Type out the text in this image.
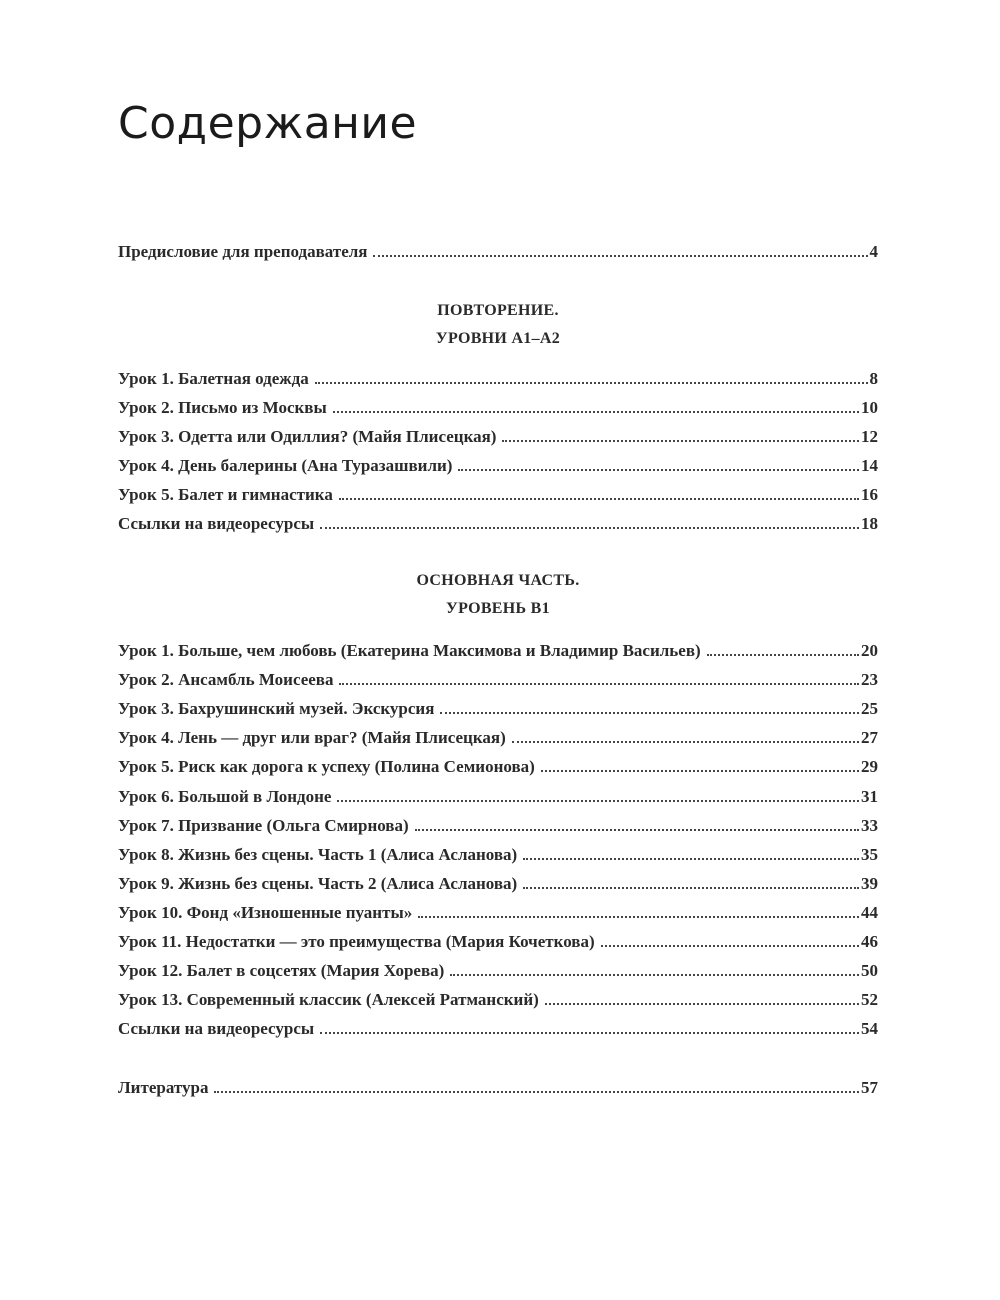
Содержание
Предисловие для преподавателя	4
ПОВТОРЕНИЕ.
УРОВНИ А1–А2
Урок 1. Балетная одежда	8
Урок 2. Письмо из Москвы	10
Урок 3. Одетта или Одиллия? (Майя Плисецкая)	12
Урок 4. День балерины (Ана Туразашвили)	14
Урок 5. Балет и гимнастика	16
Ссылки на видеоресурсы	18
ОСНОВНАЯ ЧАСТЬ.
УРОВЕНЬ В1
Урок 1. Больше, чем любовь (Екатерина Максимова и Владимир Васильев)	20
Урок 2. Ансамбль Моисеева	23
Урок 3. Бахрушинский музей. Экскурсия	25
Урок 4. Лень — друг или враг? (Майя Плисецкая)	27
Урок 5. Риск как дорога к успеху (Полина Семионова)	29
Урок 6. Большой в Лондоне	31
Урок 7. Призвание (Ольга Смирнова)	33
Урок 8. Жизнь без сцены. Часть 1 (Алиса Асланова)	35
Урок 9. Жизнь без сцены. Часть 2 (Алиса Асланова)	39
Урок 10. Фонд «Изношенные пуанты»	44
Урок 11. Недостатки — это преимущества (Мария Кочеткова)	46
Урок 12. Балет в соцсетях (Мария Хорева)	50
Урок 13. Современный классик (Алексей Ратманский)	52
Ссылки на видеоресурсы	54
Литература	57
